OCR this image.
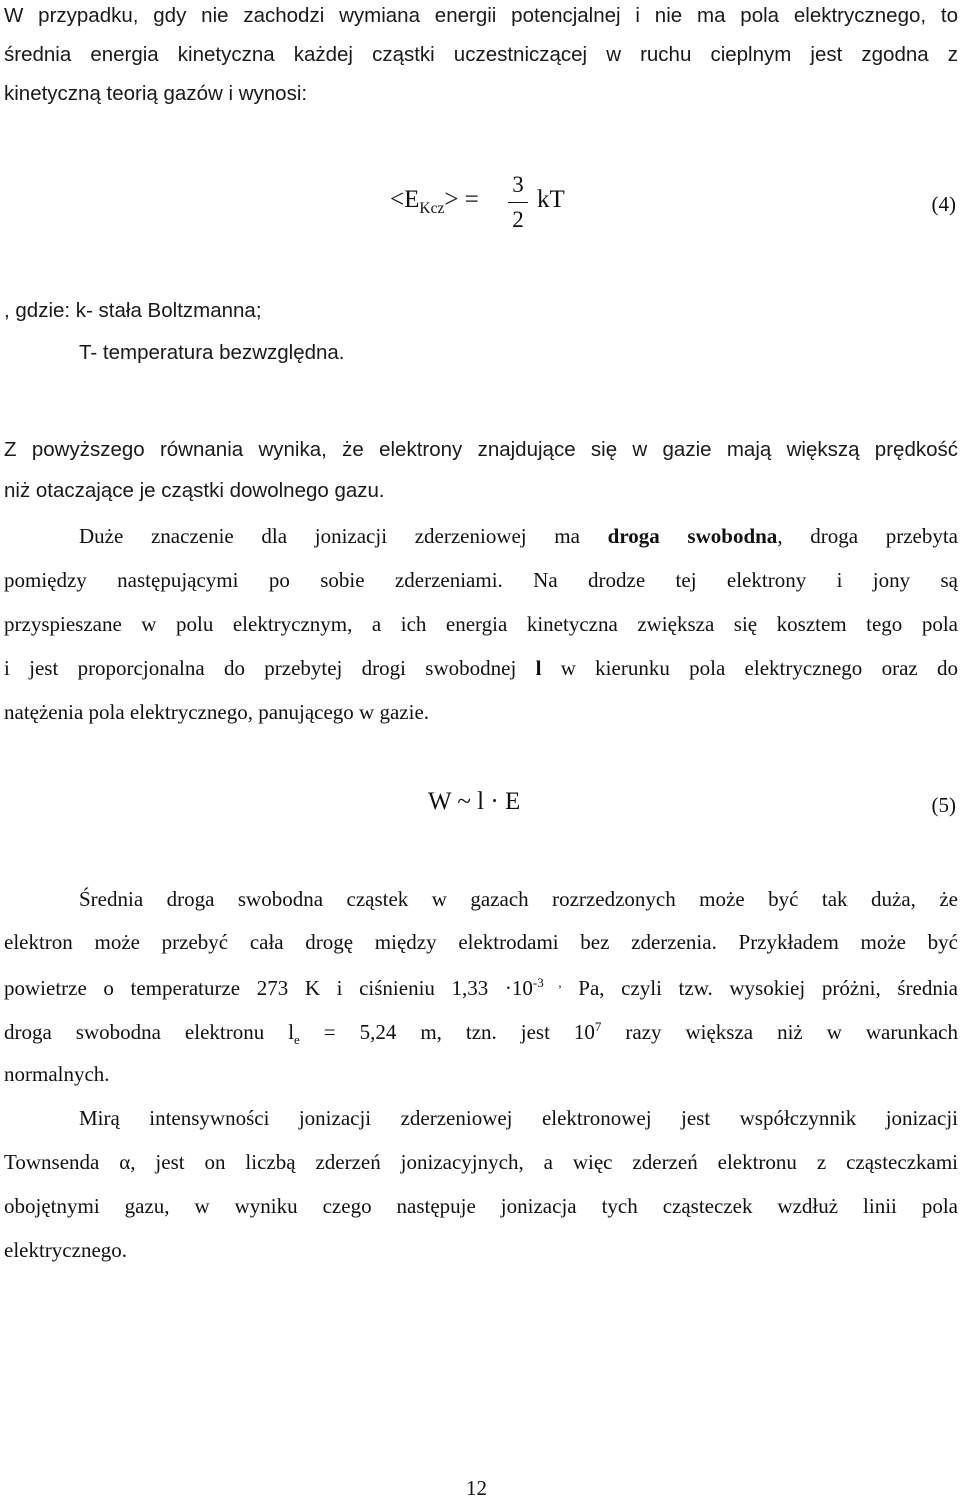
W przypadku, gdy nie zachodzi wymiana energii potencjalnej i nie ma pola elektrycznego, to
średnia energia kinetyczna każdej cząstki uczestniczącej w ruchu cieplnym jest zgodna z
kinetyczną teorią gazów i wynosi:
$<E_{Kcz}>$ =
3
2
kT	(4)
, gdzie: k- stała Boltzmanna;
T- temperatura bezwzględna.
Z powyższego równania wynika, że elektrony znajdujące się w gazie mają większą prędkość
niż otaczające je cząstki dowolnego gazu.
Duże znaczenie dla jonizacji zderzeniowej ma droga swobodna, droga przebyta
pomiędzy następującymi po sobie zderzeniami. Na drodze tej elektrony i jony są
przyspieszane w polu elektrycznym, a ich energia kinetyczna zwiększa się kosztem tego pola
i jest proporcjonalna do przebytej drogi swobodnej l w kierunku pola elektrycznego oraz do
natężenia pola elektrycznego, panującego w gazie.
W ~ l · E	(5)
Średnia droga swobodna cząstek w gazach rozrzedzonych może być tak duża, że
elektron może przebyć cała drogę między elektrodami bez zderzenia. Przykładem może być
powietrze o temperaturze 273 K i ciśnieniu $1,33 \cdot 10^{-3 ,}$ Pa, czyli tzw. wysokiej próżni, średnia
droga swobodna elektronu $l_e = 5,24$ m, tzn. jest $10^7$ razy większa niż w warunkach
normalnych.
Mirą intensywności jonizacji zderzeniowej elektronowej jest współczynnik jonizacji
Townsenda α, jest on liczbą zderzeń jonizacyjnych, a więc zderzeń elektronu z cząsteczkami
obojętnymi gazu, w wyniku czego następuje jonizacja tych cząsteczek wzdłuż linii pola
elektrycznego.
12
